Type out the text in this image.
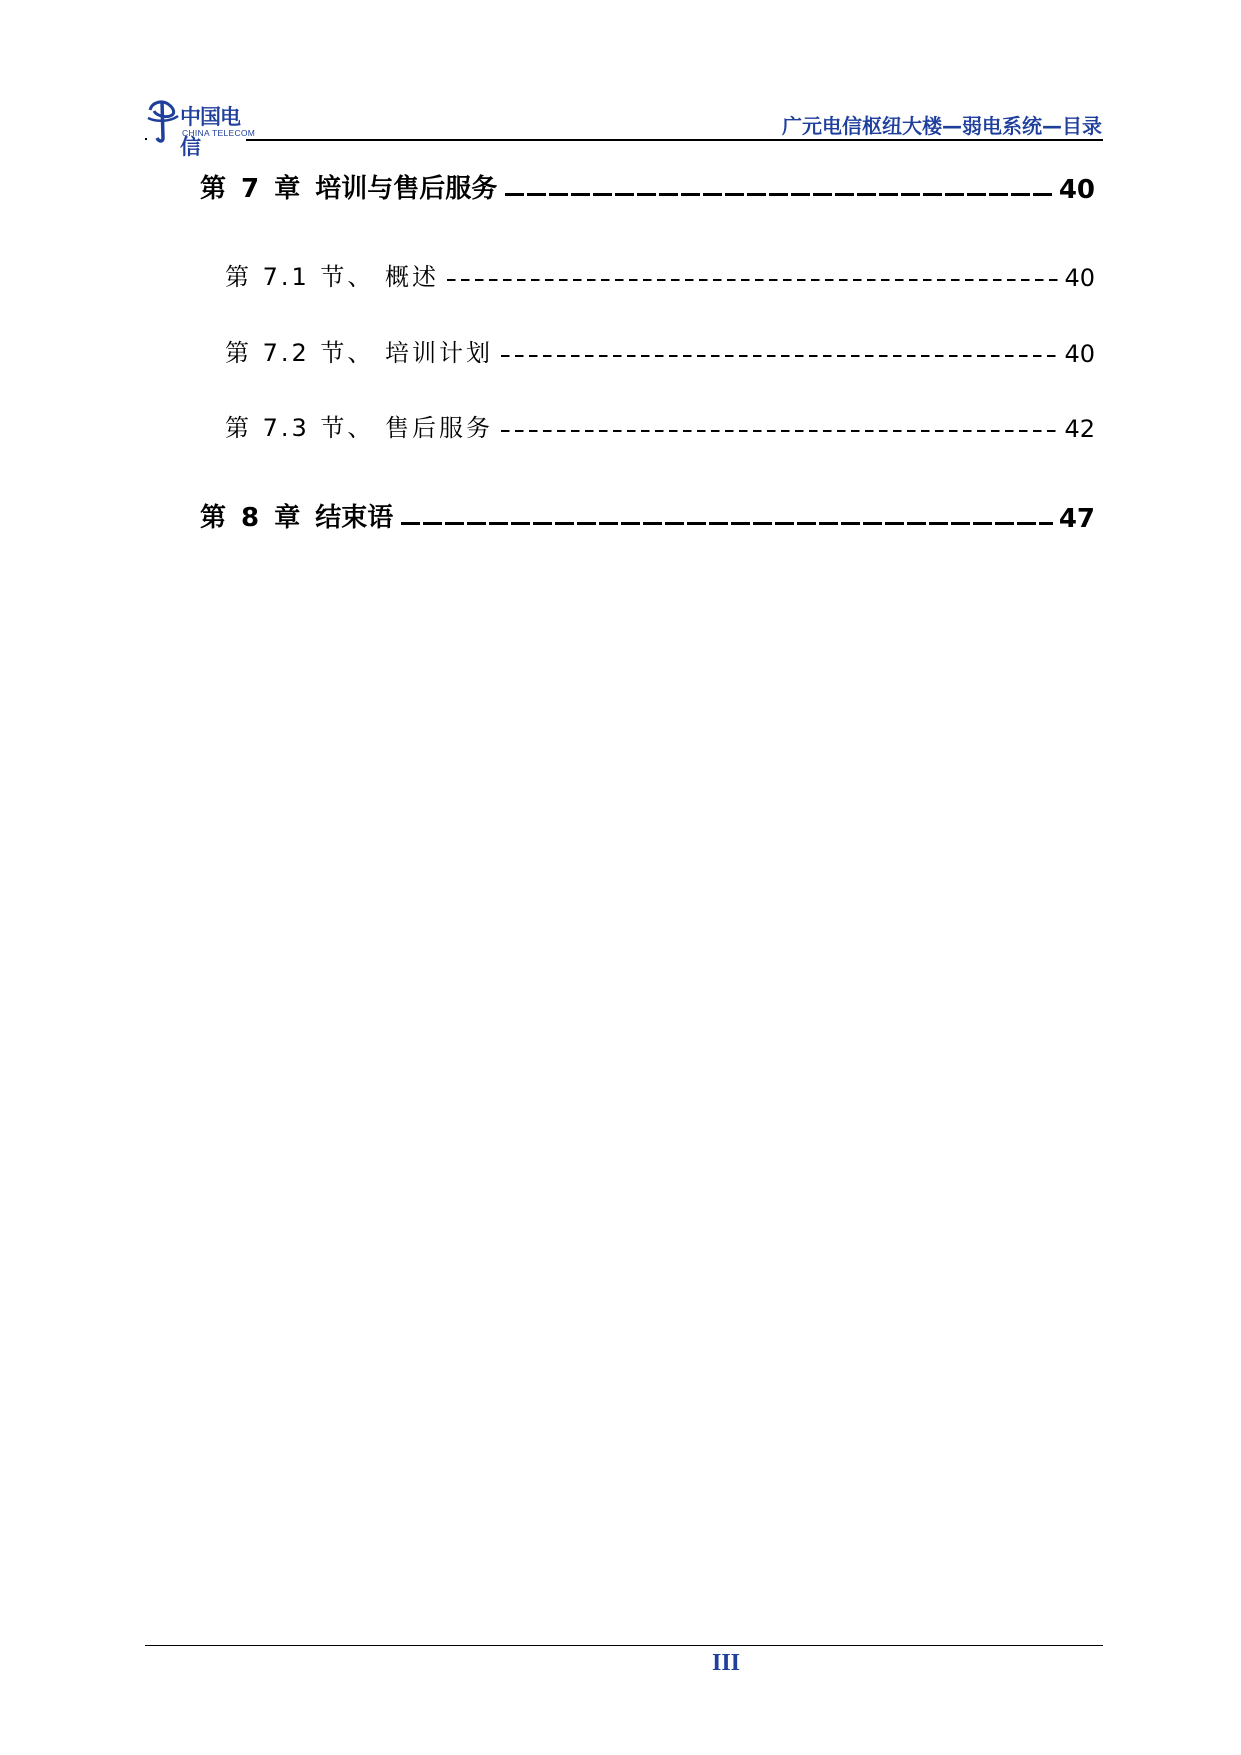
中国电信
CHINA TELECOM	广元电信枢纽大楼—弱电系统—目录
第 7 章 培训与售后服务	40
第 7.1 节、 概述	40
第 7.2 节、 培训计划	40
第 7.3 节、 售后服务	42
第 8 章 结束语	47
III
